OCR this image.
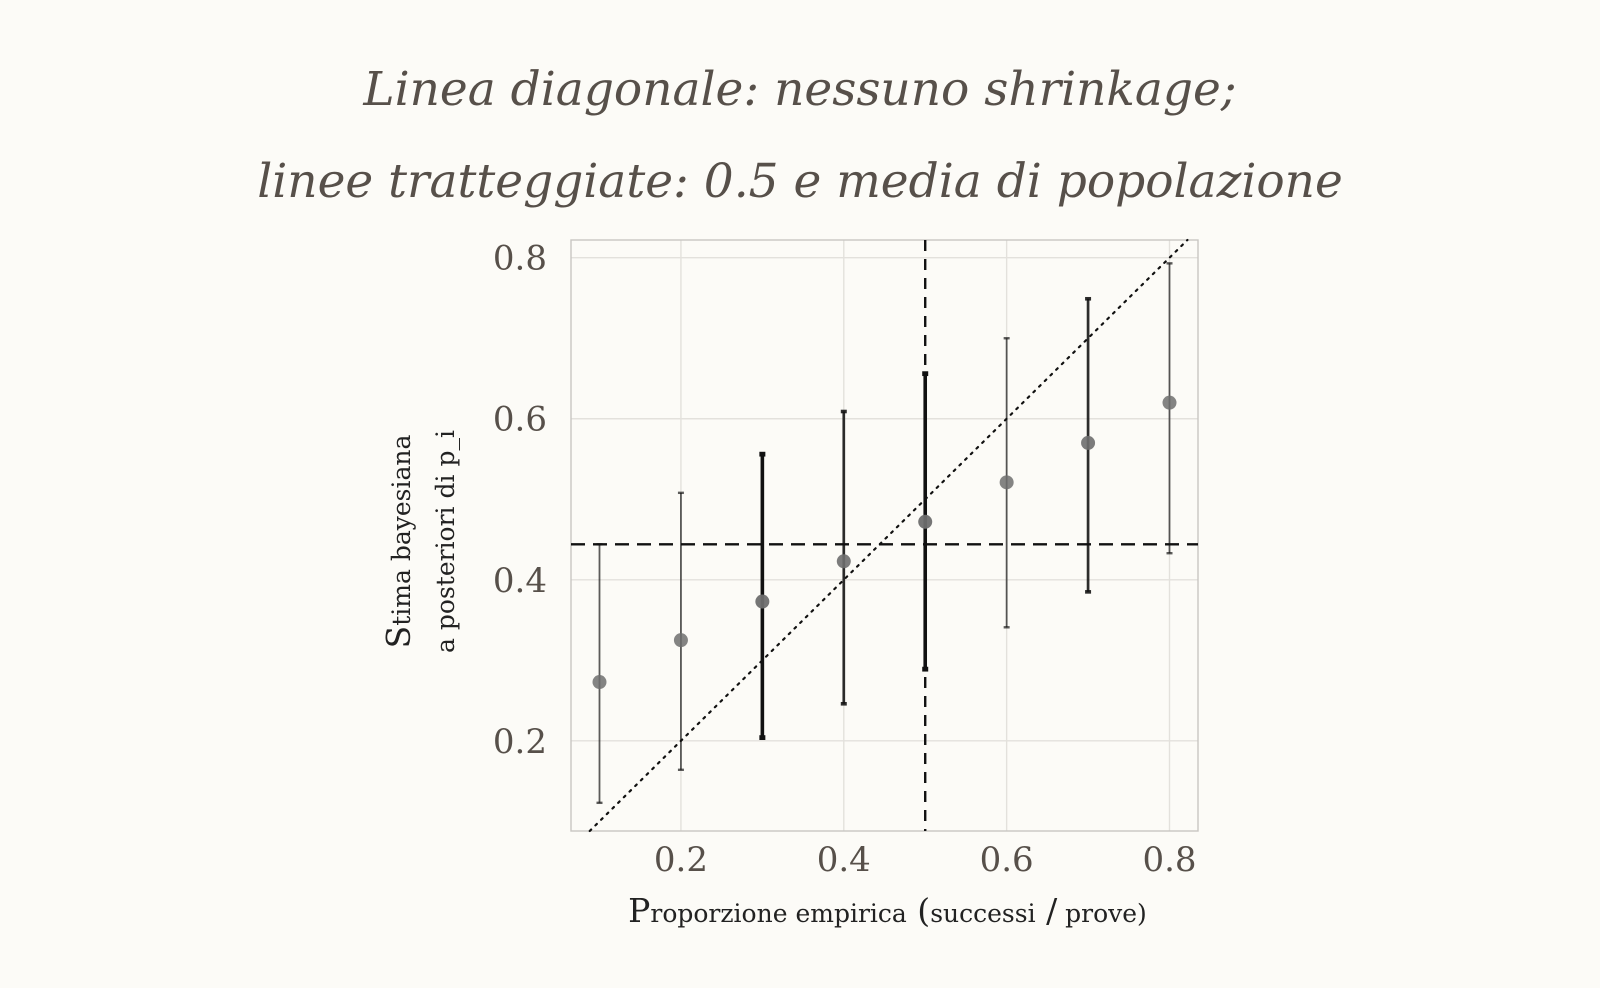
Linea diagonale: nessuno shrinkage;
linee tratteggiate: 0.5 e media di popolazione
0.2	0.4	0.6	0.8
0.2
0.4
0.6
0.8
Proporzione empirica (successi / prove)
Stima bayesianaa posteriori di p_i
